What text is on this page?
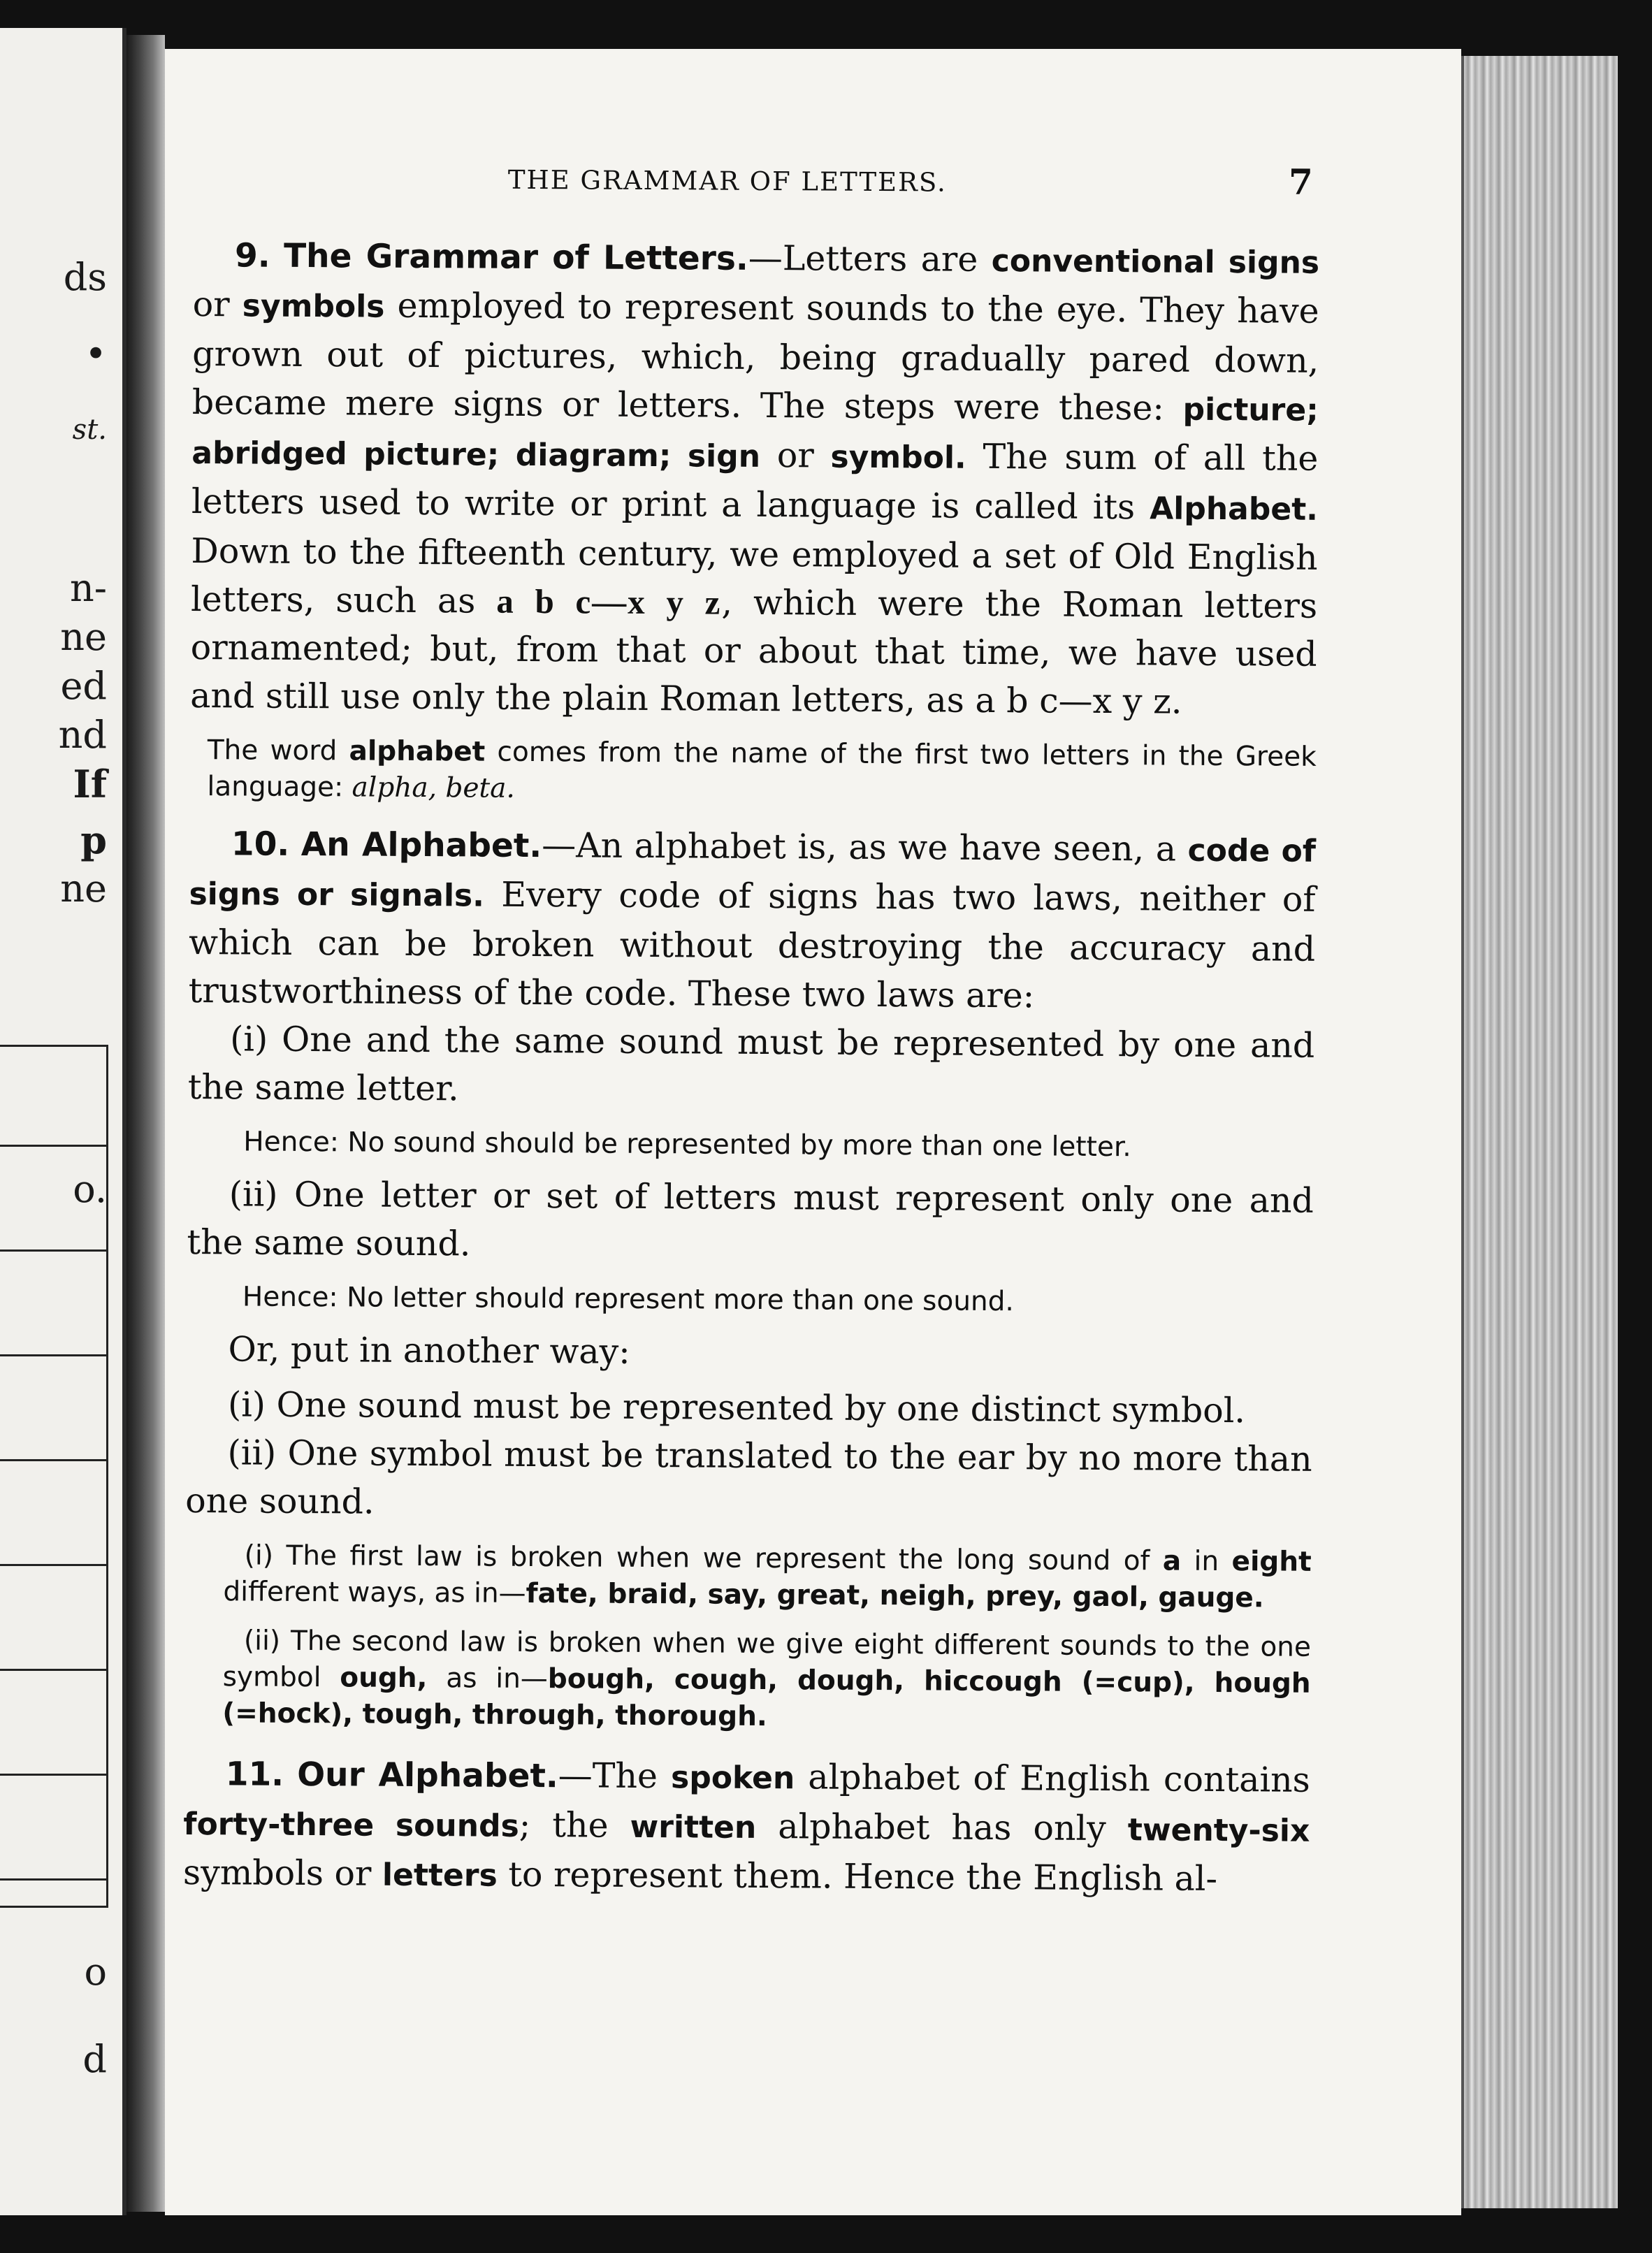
ds
•
st.
n-
ne
ed
nd
If
p
ne
o.
o
d
THE GRAMMAR OF LETTERS.	7

9. The Grammar of Letters.—Letters are conventional signs or symbols employed to represent sounds to the eye. They have grown out of pictures, which, being gradually pared down, became mere signs or letters. The steps were these: picture; abridged picture; diagram; sign or symbol. The sum of all the letters used to write or print a language is called its Alphabet. Down to the fifteenth century, we employed a set of Old English letters, such as a b c—x y z, which were the Roman letters ornamented; but, from that or about that time, we have used and still use only the plain Roman letters, as a b c—x y z.

The word alphabet comes from the name of the first two letters in the Greek language: alpha, beta.

10. An Alphabet.—An alphabet is, as we have seen, a code of signs or signals. Every code of signs has two laws, neither of which can be broken without destroying the accuracy and trustworthiness of the code. These two laws are:

(i) One and the same sound must be represented by one and the same letter.

Hence: No sound should be represented by more than one letter.

(ii) One letter or set of letters must represent only one and the same sound.

Hence: No letter should represent more than one sound.

Or, put in another way:

(i) One sound must be represented by one distinct symbol.

(ii) One symbol must be translated to the ear by no more than one sound.

(i) The first law is broken when we represent the long sound of a in eight different ways, as in—fate, braid, say, great, neigh, prey, gaol, gauge.
(ii) The second law is broken when we give eight different sounds to the one symbol ough, as in—bough, cough, dough, hiccough (=cup), hough (=hock), tough, through, thorough.

11. Our Alphabet.—The spoken alphabet of English contains forty-three sounds; the written alphabet has only twenty-six symbols or letters to represent them. Hence the English al-
